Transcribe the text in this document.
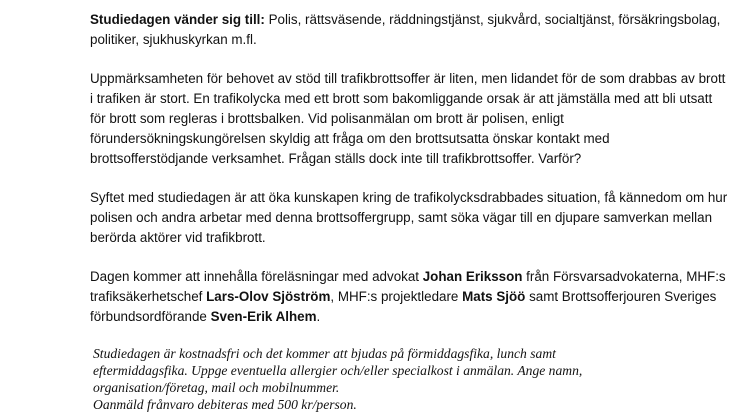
Studiedagen vänder sig till: Polis, rättsväsende, räddningstjänst, sjukvård, socialtjänst, försäkringsbolag, politiker, sjukhuskyrkan m.fl.

Uppmärksamheten för behovet av stöd till trafikbrottsoffer är liten, men lidandet för de som drabbas av brott i trafiken är stort. En trafikolycka med ett brott som bakomliggande orsak är att jämställa med att bli utsatt för brott som regleras i brottsbalken. Vid polisanmälan om brott är polisen, enligt förundersökningskungörelsen skyldig att fråga om den brottsutsatta önskar kontakt med brottsofferstödjande verksamhet. Frågan ställs dock inte till trafikbrottsoffer. Varför?

Syftet med studiedagen är att öka kunskapen kring de trafikolycksdrabbades situation, få kännedom om hur polisen och andra arbetar med denna brottsoffergrupp, samt söka vägar till en djupare samverkan mellan berörda aktörer vid trafikbrott.

Dagen kommer att innehålla föreläsningar med advokat Johan Eriksson från Försvarsadvokaterna, MHF:s trafiksäkerhetschef Lars-Olov Sjöström, MHF:s projektledare Mats Sjöö samt Brottsofferjouren Sveriges förbundsordförande Sven-Erik Alhem.

Studiedagen är kostnadsfri och det kommer att bjudas på förmiddagsfika, lunch samt
eftermiddagsfika. Uppge eventuella allergier och/eller specialkost i anmälan. Ange namn,
organisation/företag, mail och mobilnummer.
Oanmäld frånvaro debiteras med 500 kr/person.
